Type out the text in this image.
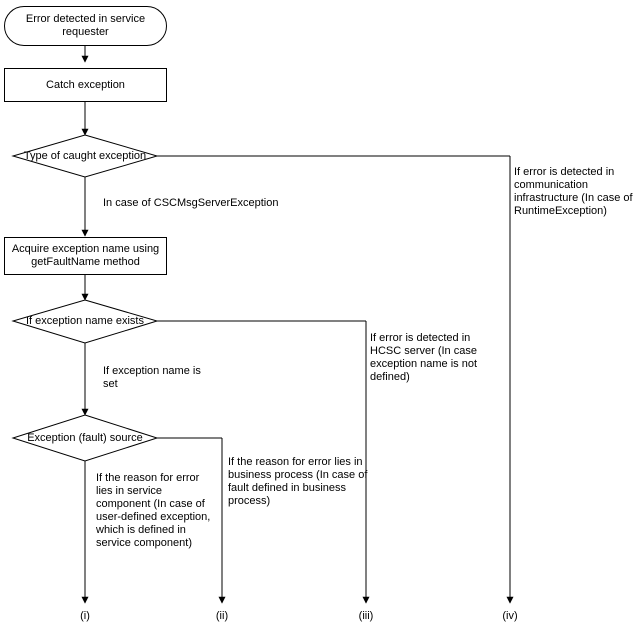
Error detected in service requester
Catch exception
Type of caught exception
Acquire exception name using getFaultName method
If exception name exists
Exception (fault) source
In case of CSCMsgServerException
If error is detected in communication infrastructure (In case of RuntimeException)
If exception name is set
If error is detected in HCSC server (In case exception name is not defined)
If the reason for error lies in service component (In case of user-defined exception, which is defined in service component)
If the reason for error lies in business process (In case of fault defined in business process)
(i)	(ii)	(iii)	(iv)
